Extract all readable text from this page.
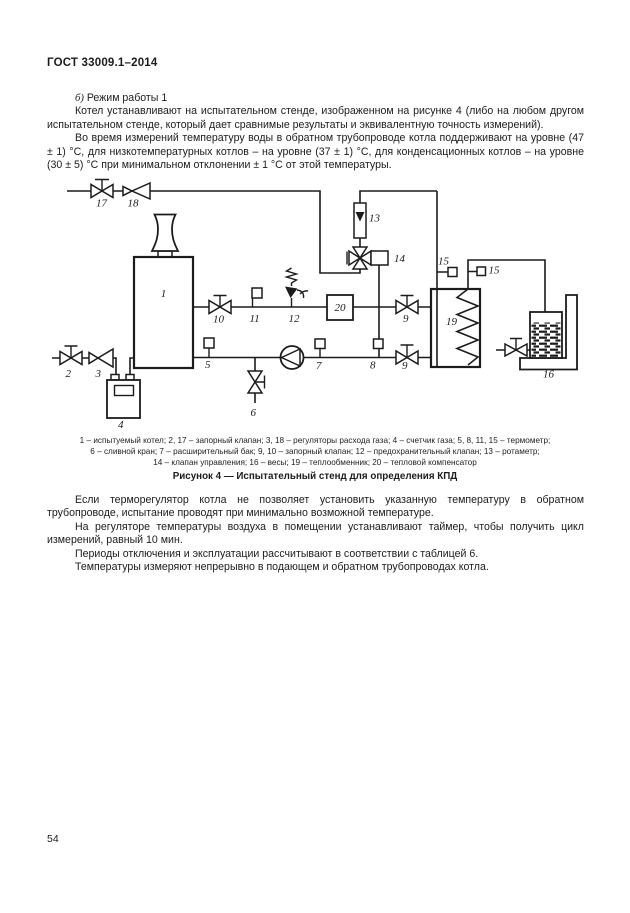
ГОСТ 33009.1–2014

б) Режим работы 1

Котел устанавливают на испытательном стенде, изображенном на рисунке 4 (либо на любом другом испытательном стенде, который дает сравнимые результаты и эквивалентную точность измерений).

Во время измерений температуру воды в обратном трубопроводе котла поддерживают на уровне (47 ± 1) °С, для низкотемпературных котлов – на уровне (37 ± 1) °С, для конденсационных котлов – на уровне (30 ± 5) °С при минимальном отклонении ± 1 °С от этой температуры.

1
2 3
4
5
6
7	8
9
9
10 11	12
13
14	15
15
16
17 18
19
20
1 – испытуемый котел; 2, 17 – запорный клапан; 3, 18 – регуляторы расхода газа; 4 – счетчик газа; 5, 8, 11, 15 – термометр;
6 – сливной кран; 7 – расширительный бак; 9, 10 – запорный клапан; 12 – предохранительный клапан; 13 – ротаметр;
14 – клапан управления; 16 – весы; 19 – теплообменник; 20 – тепловой компенсатор
Рисунок 4 — Испытательный стенд для определения КПД

Если терморегулятор котла не позволяет установить указанную температуру в обратном трубопроводе, испытание проводят при минимально возможной температуре.

На регуляторе температуры воздуха в помещении устанавливают таймер, чтобы получить цикл измерений, равный 10 мин.

Периоды отключения и эксплуатации рассчитывают в соответствии с таблицей 6.

Температуры измеряют непрерывно в подающем и обратном трубопроводах котла.

54
